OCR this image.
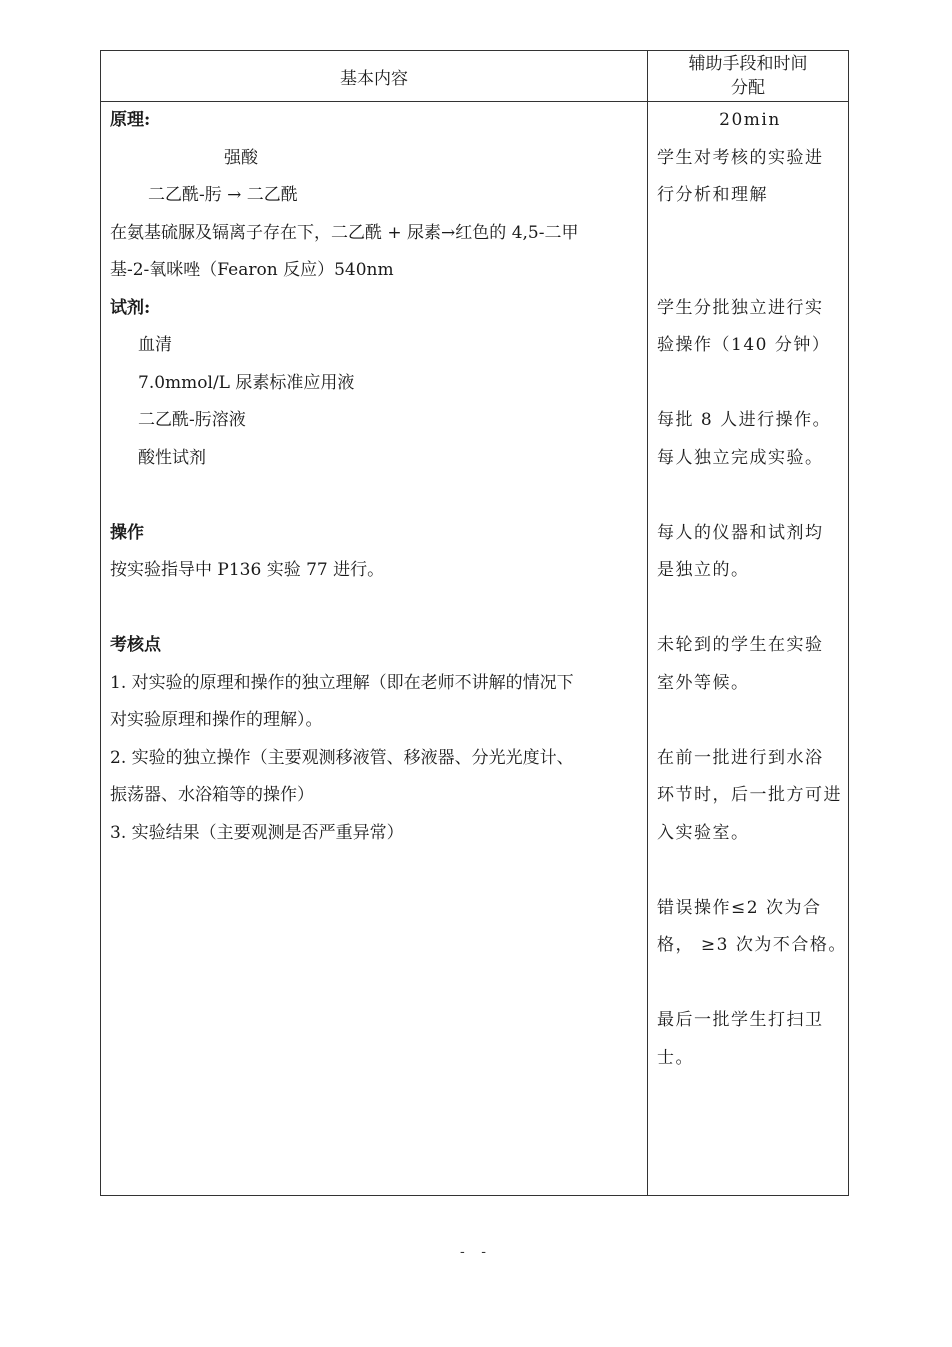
基本内容
辅助手段和时间
分配
原理:
强酸
二乙酰-肟 → 二乙酰
在氨基硫脲及镉离子存在下，二乙酰 + 尿素→红色的 4,5-二甲
基-2-氧咪唑（Fearon 反应）540nm
试剂:
血清
7.0mmol/L 尿素标准应用液
二乙酰-肟溶液
酸性试剂
操作
按实验指导中 P136 实验 77 进行。
考核点
1. 对实验的原理和操作的独立理解（即在老师不讲解的情况下
对实验原理和操作的理解）。
2. 实验的独立操作（主要观测移液管、移液器、分光光度计、
振荡器、水浴箱等的操作）
3. 实验结果（主要观测是否严重异常）
20min
学生对考核的实验进
行分析和理解
学生分批独立进行实
验操作（140 分钟）
每批 8 人进行操作。
每人独立完成实验。
每人的仪器和试剂均
是独立的。
未轮到的学生在实验
室外等候。
在前一批进行到水浴
环节时，后一批方可进
入实验室。
错误操作≤2 次为合
格， ≥3 次为不合格。
最后一批学生打扫卫
士。
- -
